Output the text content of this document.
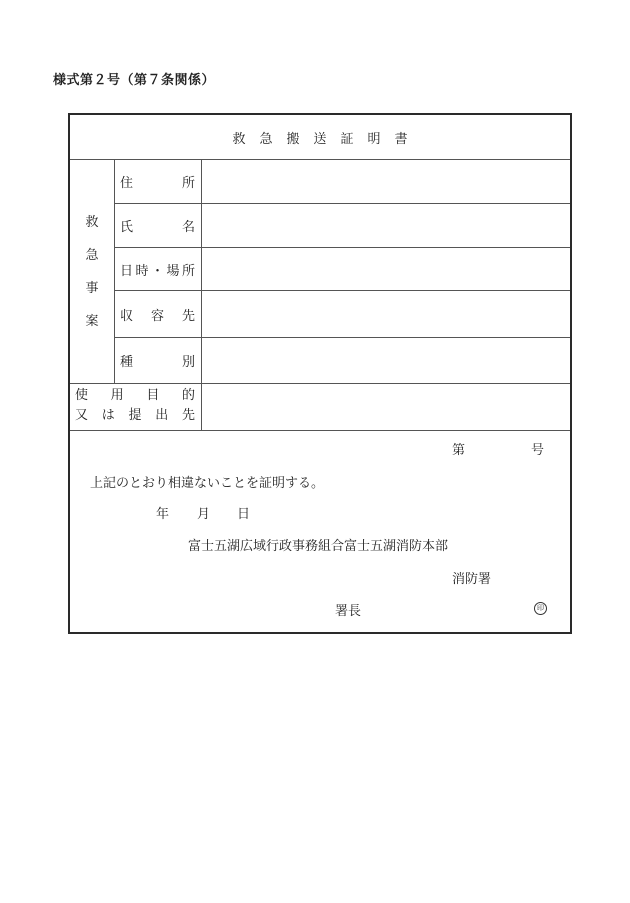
様式第２号（第７条関係）
救急搬送証明書
救
急
事
案
住	所
氏	名
日 時 ・ 場 所
収 容 先
種	別
使 用 目 的
又 は 提 出 先
第	号
上記のとおり相違ないことを証明する。
年 月 日
富士五湖広域行政事務組合富士五湖消防本部
消防署
署長	印
